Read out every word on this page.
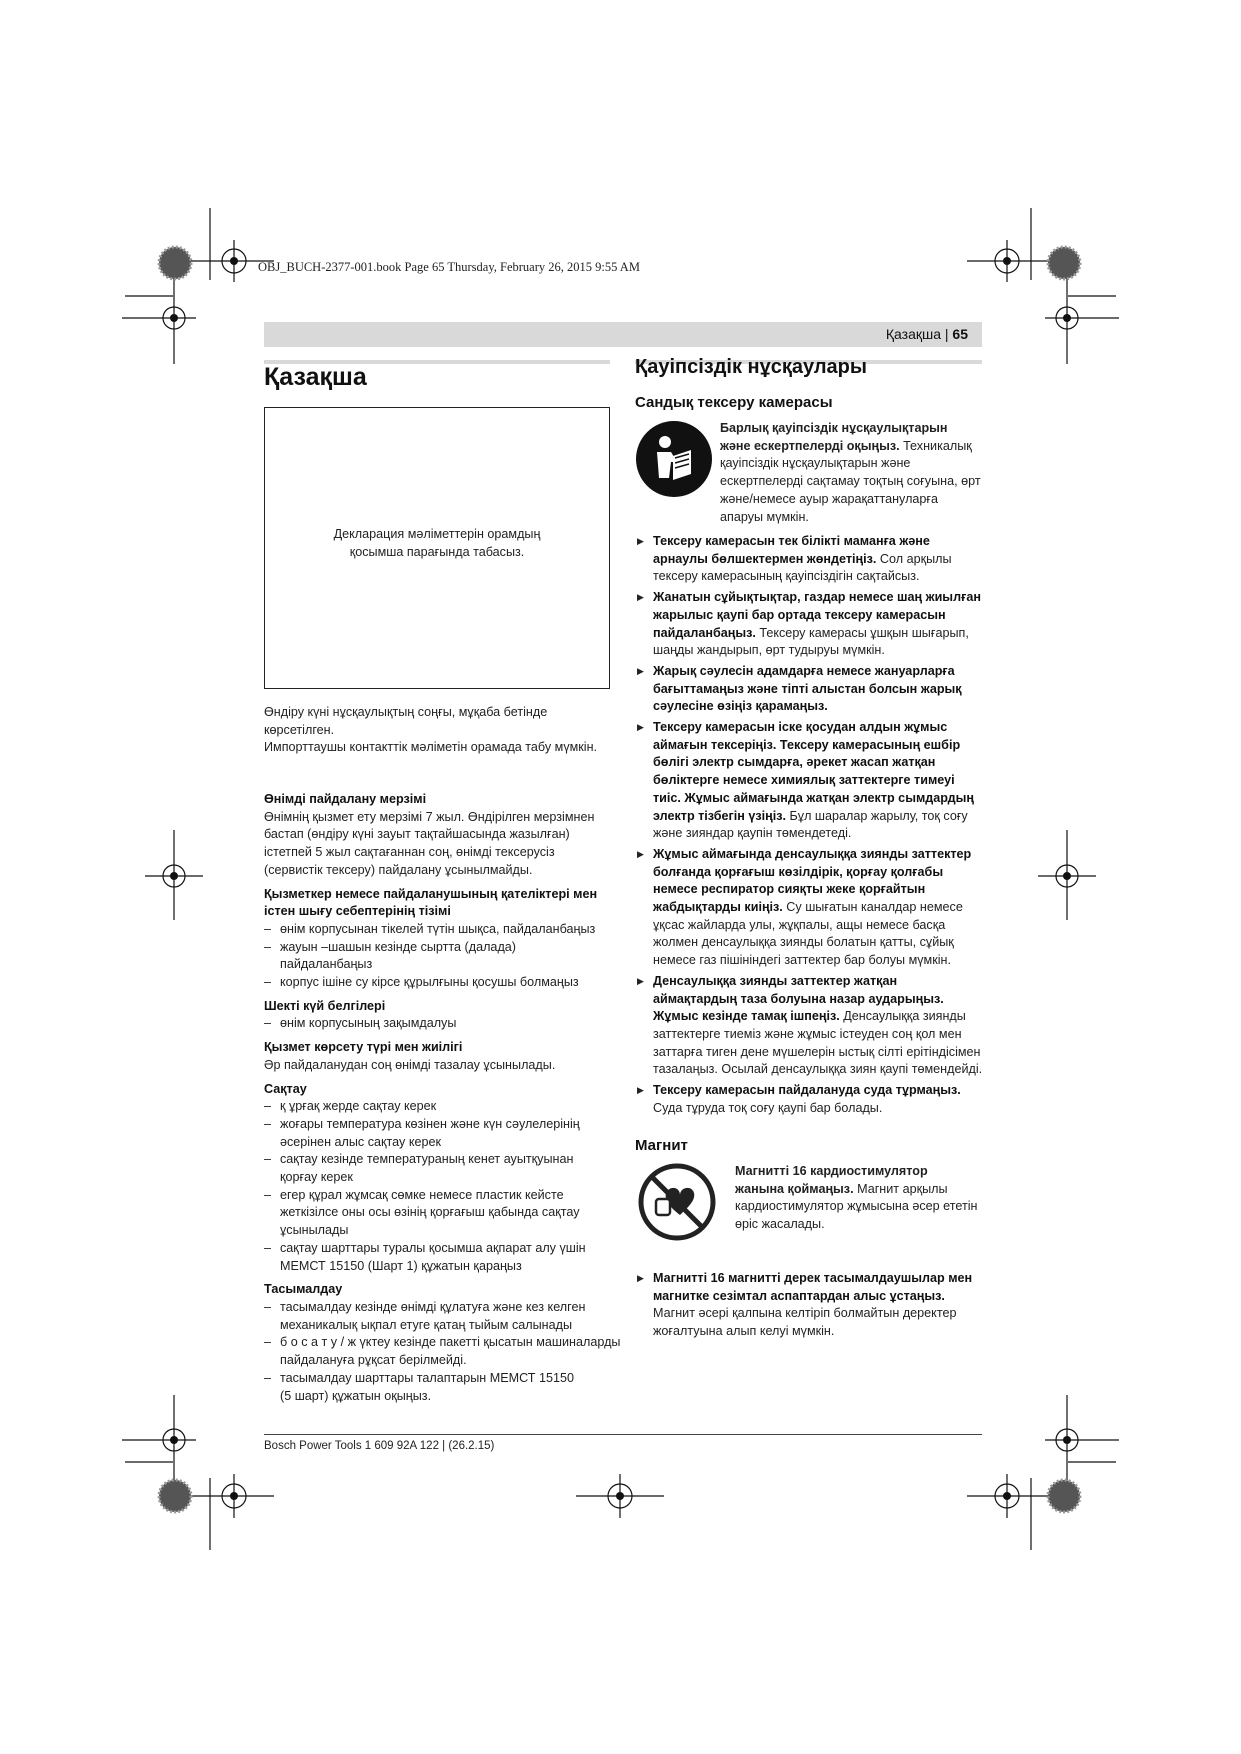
OBJ_BUCH-2377-001.book Page 65 Thursday, February 26, 2015 9:55 AM
Қазақша | 65
Қазақша
Декларация мәліметтерін орамдың
қосымша парағында табасыз.

Өндіру күні нұсқаулықтың соңғы, мұқаба бетінде

көрсетілген.

Импорттаушы контакттік мәліметін орамада табу мүмкін.

Өнімді пайдалану мерзімі

Өнімнің қызмет ету мерзімі 7 жыл. Өндірілген мерзімнен

бастап (өндіру күні зауыт тақтайшасында жазылған)

істетпей 5 жыл сақтағаннан соң, өнімді тексерусіз

(сервистік тексеру) пайдалану ұсынылмайды.

Қызметкер немесе пайдаланушының қателіктері мен
істен шығу себептерінің тізімі

– өнім корпусынан тікелей түтін шықса, пайдаланбаңыз
– жауын –шашын кезінде сыртта (далада)
пайдаланбаңыз
– корпус ішіне су кірсе құрылғыны қосушы болмаңыз

Шекті күй белгілері

– өнім корпусының зақымдалуы

Қызмет көрсету түрі мен жиілігі

Әр пайдаланудан соң өнімді тазалау ұсынылады.

Сақтау

– қ ұрғақ жерде сақтау керек
– жоғары температура көзінен және күн сәулелерінің
әсерінен алыс сақтау керек
– сақтау кезінде температураның кенет ауытқуынан
қорғау керек
– егер құрал жұмсақ сөмке немесе пластик кейсте
жеткізілсе оны осы өзінің қорғағыш қабында сақтау
ұсынылады
– сақтау шарттары туралы қосымша ақпарат алу үшін
МЕМСТ 15150 (Шарт 1) құжатын қараңыз

Тасымалдау

– тасымалдау кезінде өнімді құлатуға және кез келген
механикалық ықпал етуге қатаң тыйым салынады
– б о с а т у / ж үктеу кезінде пакетті қысатын машиналарды
пайдалануға рұқсат берілмейді.
– тасымалдау шарттары талаптарын МЕМСТ 15150
(5 шарт) құжатын оқыңыз.
Қауіпсіздік нұсқаулары
Сандық тексеру камерасы
Барлық қауіпсіздік нұсқаулықтарын
және ескертпелерді оқыңыз. Техникалық
қауіпсіздік нұсқаулықтарын және
ескертпелерді сақтамау тоқтың соғуына, өрт
және/немесе ауыр жарақаттануларға
апаруы мүмкін.
▶ Тексеру камерасын тек білікті маманға және
арнаулы бөлшектермен жөндетіңіз. Сол арқылы
тексеру камерасының қауіпсіздігін сақтайсыз.
▶ Жанатын сұйықтықтар, газдар немесе шаң жиылған
жарылыс қаупі бар ортада тексеру камерасын
пайдаланбаңыз. Тексеру камерасы ұшқын шығарып,
шаңды жандырып, өрт тудыруы мүмкін.
▶ Жарық сәулесін адамдарға немесе жануарларға
бағыттамаңыз және тіпті алыстан болсын жарық
сәулесіне өзіңіз қарамаңыз.
▶ Тексеру камерасын іске қосудан алдын жұмыс
аймағын тексеріңіз. Тексеру камерасының ешбір
бөлігі электр сымдарға, әрекет жасап жатқан
бөліктерге немесе химиялық заттектерге тимеуі
тиіс. Жұмыс аймағында жатқан электр сымдардың
электр тізбегін үзіңіз. Бұл шаралар жарылу, тоқ соғу
және зияндар қаупін төмендетеді.
▶ Жұмыс аймағында денсаулыққа зиянды заттектер
болғанда қорғағыш көзілдірік, қорғау қолғабы
немесе респиратор сияқты жеке қорғайтын
жабдықтарды киіңіз. Су шығатын каналдар немесе
ұқсас жайларда улы, жұқпалы, ащы немесе басқа
жолмен денсаулыққа зиянды болатын қатты, сұйық
немесе газ пішініндегі заттектер бар болуы мүмкін.
▶ Денсаулыққа зиянды заттектер жатқан
аймақтардың таза болуына назар аударыңыз.
Жұмыс кезінде тамақ ішпеңіз. Денсаулыққа зиянды
заттектерге тиеміз және жұмыс істеуден соң қол мен
заттарға тиген дене мүшелерін ыстық сілті ерітіндісімен
тазалаңыз. Осылай денсаулыққа зиян қаупі төмендейді.
▶ Тексеру камерасын пайдалануда суда тұрмаңыз.
Суда тұруда тоқ соғу қаупі бар болады.
Магнит
Магнитті 16 кардиостимулятор
жанына қоймаңыз. Магнит арқылы
кардиостимулятор жұмысына әсер ететін
өріс жасалады.
▶ Магнитті 16 магнитті дерек тасымалдаушылар мен
магнитке сезімтал аспаптардан алыс ұстаңыз.
Магнит әсері қалпына келтіріп болмайтын деректер
жоғалтуына алып келуі мүмкін.
Bosch Power Tools 1 609 92A 122 | (26.2.15)
